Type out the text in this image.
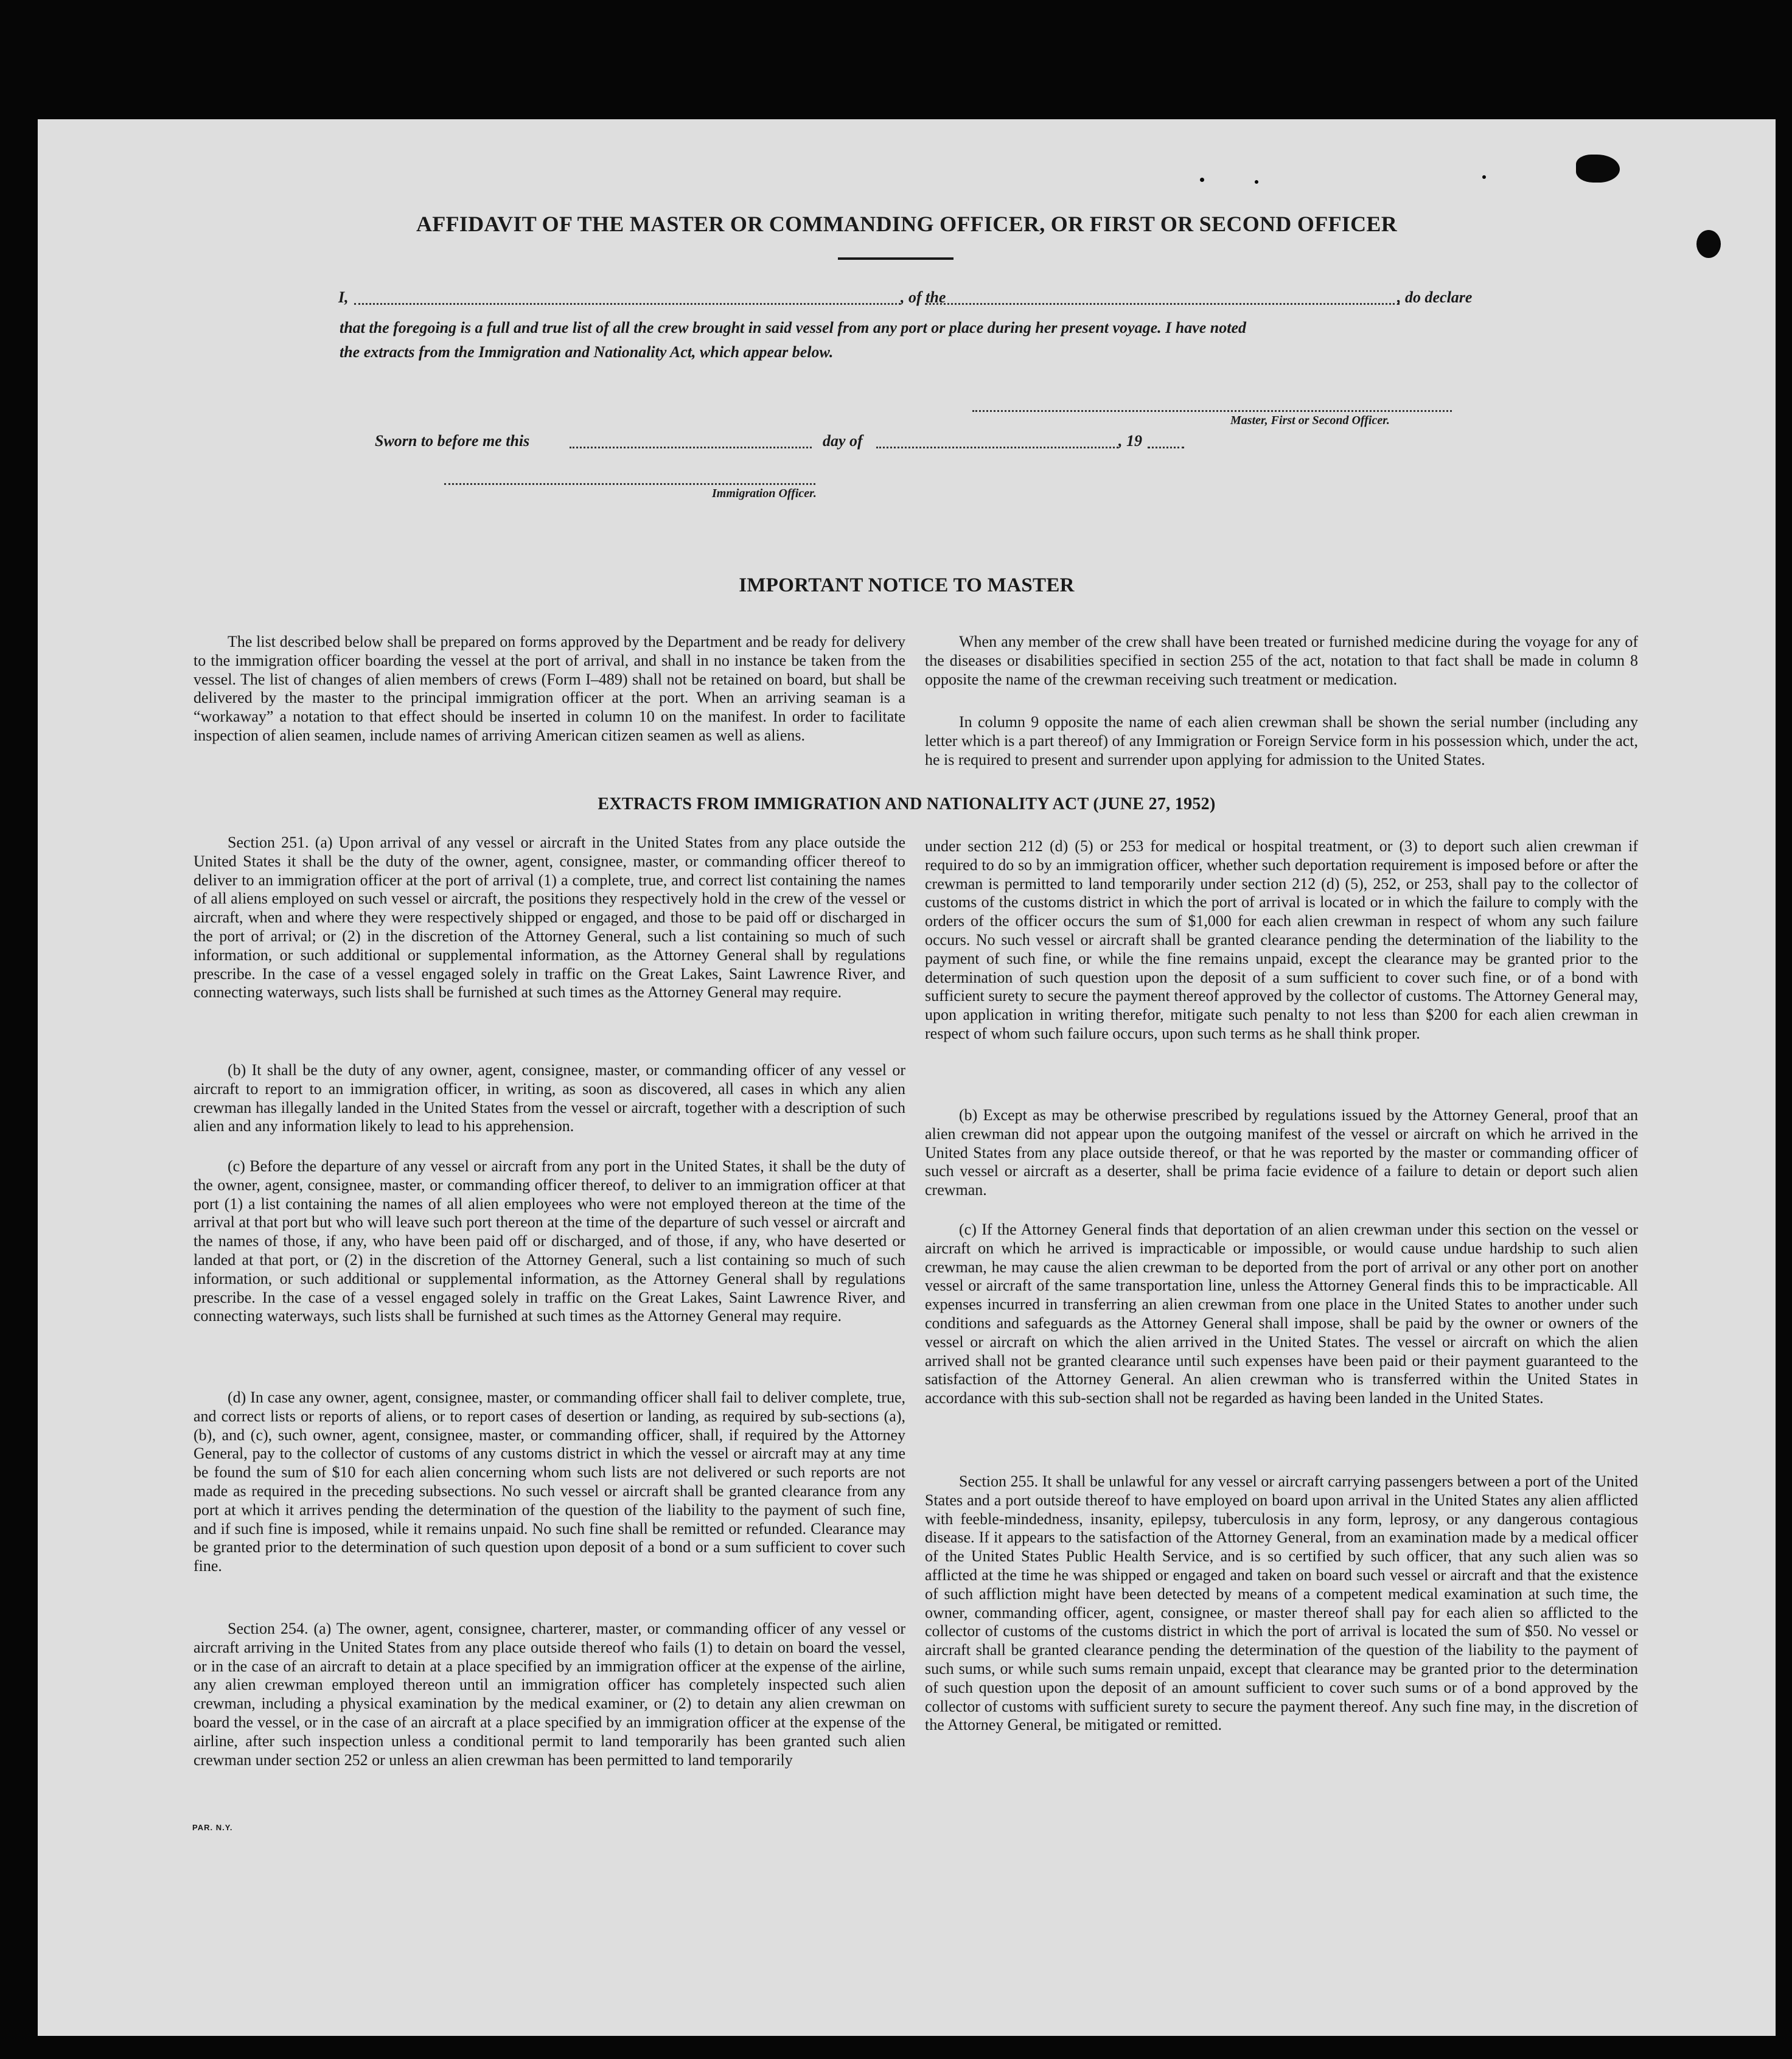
AFFIDAVIT OF THE MASTER OR COMMANDING OFFICER, OR FIRST OR SECOND OFFICER
I,	, of the	, do declare
that the foregoing is a full and true list of all the crew brought in said vessel from any port or place during her present voyage. I have noted
the extracts from the Immigration and Nationality Act, which appear below.
Master, First or Second Officer.
Sworn to before me this	day of	, 19
Immigration Officer.
IMPORTANT NOTICE TO MASTER
The list described below shall be prepared on forms approved by the Department and be ready for delivery to the immigration officer boarding the vessel at the port of arrival, and shall in no instance be taken from the vessel. The list of changes of alien members of crews (Form I–489) shall not be retained on board, but shall be delivered by the master to the principal immigration officer at the port. When an arriving seaman is a “workaway” a notation to that effect should be inserted in column 10 on the manifest. In order to facilitate inspection of alien seamen, include names of arriving American citizen seamen as well as aliens.
When any member of the crew shall have been treated or furnished medicine during the voyage for any of the diseases or disabilities specified in section 255 of the act, notation to that fact shall be made in column 8 opposite the name of the crewman receiving such treatment or medication.
In column 9 opposite the name of each alien crewman shall be shown the serial number (including any letter which is a part thereof) of any Immigration or Foreign Service form in his possession which, under the act, he is required to present and surrender upon applying for admission to the United States.
EXTRACTS FROM IMMIGRATION AND NATIONALITY ACT (JUNE 27, 1952)
Section 251. (a) Upon arrival of any vessel or aircraft in the United States from any place outside the United States it shall be the duty of the owner, agent, consignee, master, or commanding officer thereof to deliver to an immigration officer at the port of arrival (1) a complete, true, and correct list containing the names of all aliens employed on such vessel or aircraft, the positions they respectively hold in the crew of the vessel or aircraft, when and where they were respectively shipped or engaged, and those to be paid off or discharged in the port of arrival; or (2) in the discretion of the Attorney General, such a list containing so much of such information, or such additional or supplemental information, as the Attorney General shall by regulations prescribe. In the case of a vessel engaged solely in traffic on the Great Lakes, Saint Lawrence River, and connecting waterways, such lists shall be furnished at such times as the Attorney General may require.
(b) It shall be the duty of any owner, agent, consignee, master, or commanding officer of any vessel or aircraft to report to an immigration officer, in writing, as soon as discovered, all cases in which any alien crewman has illegally landed in the United States from the vessel or aircraft, together with a description of such alien and any information likely to lead to his apprehension.
(c) Before the departure of any vessel or aircraft from any port in the United States, it shall be the duty of the owner, agent, consignee, master, or commanding officer thereof, to deliver to an immigration officer at that port (1) a list containing the names of all alien employees who were not employed thereon at the time of the arrival at that port but who will leave such port thereon at the time of the departure of such vessel or aircraft and the names of those, if any, who have been paid off or discharged, and of those, if any, who have deserted or landed at that port, or (2) in the discretion of the Attorney General, such a list containing so much of such information, or such additional or supplemental information, as the Attorney General shall by regulations prescribe. In the case of a vessel engaged solely in traffic on the Great Lakes, Saint Lawrence River, and connecting waterways, such lists shall be furnished at such times as the Attorney General may require.
(d) In case any owner, agent, consignee, master, or commanding officer shall fail to deliver complete, true, and correct lists or reports of aliens, or to report cases of desertion or landing, as required by sub-sections (a), (b), and (c), such owner, agent, consignee, master, or commanding officer, shall, if required by the Attorney General, pay to the collector of customs of any customs district in which the vessel or aircraft may at any time be found the sum of $10 for each alien concerning whom such lists are not delivered or such reports are not made as required in the preceding subsections. No such vessel or aircraft shall be granted clearance from any port at which it arrives pending the determination of the question of the liability to the payment of such fine, and if such fine is imposed, while it remains unpaid. No such fine shall be remitted or refunded. Clearance may be granted prior to the determination of such question upon deposit of a bond or a sum sufficient to cover such fine.
Section 254. (a) The owner, agent, consignee, charterer, master, or commanding officer of any vessel or aircraft arriving in the United States from any place outside thereof who fails (1) to detain on board the vessel, or in the case of an aircraft to detain at a place specified by an immigration officer at the expense of the airline, any alien crewman employed thereon until an immigration officer has completely inspected such alien crewman, including a physical examination by the medical examiner, or (2) to detain any alien crewman on board the vessel, or in the case of an aircraft at a place specified by an immigration officer at the expense of the airline, after such inspection unless a conditional permit to land temporarily has been granted such alien crewman under section 252 or unless an alien crewman has been permitted to land temporarily
under section 212 (d) (5) or 253 for medical or hospital treatment, or (3) to deport such alien crewman if required to do so by an immigration officer, whether such deportation requirement is imposed before or after the crewman is permitted to land temporarily under section 212 (d) (5), 252, or 253, shall pay to the collector of customs of the customs district in which the port of arrival is located or in which the failure to comply with the orders of the officer occurs the sum of $1,000 for each alien crewman in respect of whom any such failure occurs. No such vessel or aircraft shall be granted clearance pending the determination of the liability to the payment of such fine, or while the fine remains unpaid, except the clearance may be granted prior to the determination of such question upon the deposit of a sum sufficient to cover such fine, or of a bond with sufficient surety to secure the payment thereof approved by the collector of customs. The Attorney General may, upon application in writing therefor, mitigate such penalty to not less than $200 for each alien crewman in respect of whom such failure occurs, upon such terms as he shall think proper.
(b) Except as may be otherwise prescribed by regulations issued by the Attorney General, proof that an alien crewman did not appear upon the outgoing manifest of the vessel or aircraft on which he arrived in the United States from any place outside thereof, or that he was reported by the master or commanding officer of such vessel or aircraft as a deserter, shall be prima facie evidence of a failure to detain or deport such alien crewman.
(c) If the Attorney General finds that deportation of an alien crewman under this section on the vessel or aircraft on which he arrived is impracticable or impossible, or would cause undue hardship to such alien crewman, he may cause the alien crewman to be deported from the port of arrival or any other port on another vessel or aircraft of the same transportation line, unless the Attorney General finds this to be impracticable. All expenses incurred in transferring an alien crewman from one place in the United States to another under such conditions and safeguards as the Attorney General shall impose, shall be paid by the owner or owners of the vessel or aircraft on which the alien arrived in the United States. The vessel or aircraft on which the alien arrived shall not be granted clearance until such expenses have been paid or their payment guaranteed to the satisfaction of the Attorney General. An alien crewman who is transferred within the United States in accordance with this sub-section shall not be regarded as having been landed in the United States.
Section 255. It shall be unlawful for any vessel or aircraft carrying passengers between a port of the United States and a port outside thereof to have employed on board upon arrival in the United States any alien afflicted with feeble-mindedness, insanity, epilepsy, tuberculosis in any form, leprosy, or any dangerous contagious disease. If it appears to the satisfaction of the Attorney General, from an examination made by a medical officer of the United States Public Health Service, and is so certified by such officer, that any such alien was so afflicted at the time he was shipped or engaged and taken on board such vessel or aircraft and that the existence of such affliction might have been detected by means of a competent medical examination at such time, the owner, commanding officer, agent, consignee, or master thereof shall pay for each alien so afflicted to the collector of customs of the customs district in which the port of arrival is located the sum of $50. No vessel or aircraft shall be granted clearance pending the determination of the question of the liability to the payment of such sums, or while such sums remain unpaid, except that clearance may be granted prior to the determination of such question upon the deposit of an amount sufficient to cover such sums or of a bond approved by the collector of customs with sufficient surety to secure the payment thereof. Any such fine may, in the discretion of the Attorney General, be mitigated or remitted.
PAR. N.Y.
